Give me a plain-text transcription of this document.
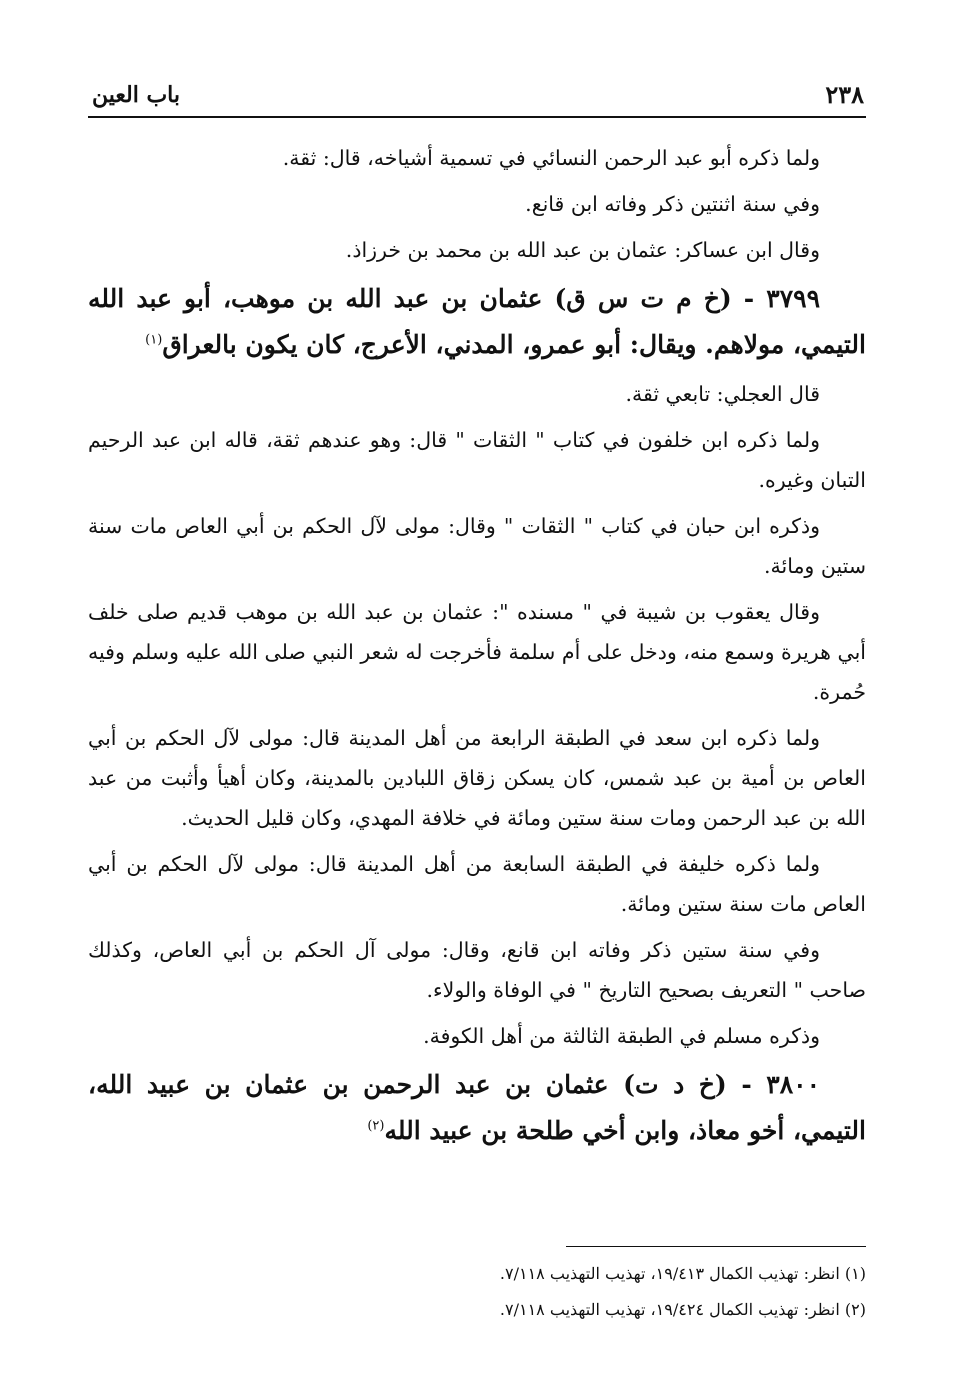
٢٣٨
باب العين

ولما ذكره أبو عبد الرحمن النسائي في تسمية أشياخه، قال: ثقة.

وفي سنة اثنتين ذكر وفاته ابن قانع.

وقال ابن عساكر: عثمان بن عبد الله بن محمد بن خرزاذ.

٣٧٩٩ - (خ م ت س ق) عثمان بن عبد الله بن موهب، أبو عبد الله التيمي، مولاهم. ويقال: أبو عمرو، المدني، الأعرج، كان يكون بالعراق$^{(١)}$

قال العجلي: تابعي ثقة.

ولما ذكره ابن خلفون في كتاب " الثقات " قال: وهو عندهم ثقة، قاله ابن عبد الرحيم التبان وغيره.

وذكره ابن حبان في كتاب " الثقات " وقال: مولى لآل الحكم بن أبي العاص مات سنة ستين ومائة.

وقال يعقوب بن شيبة في " مسنده ": عثمان بن عبد الله بن موهب قديم صلى خلف أبي هريرة وسمع منه، ودخل على أم سلمة فأخرجت له شعر النبي صلى الله عليه وسلم وفيه حُمرة.

ولما ذكره ابن سعد في الطبقة الرابعة من أهل المدينة قال: مولى لآل الحكم بن أبي العاص بن أمية بن عبد شمس، كان يسكن زقاق اللبادين بالمدينة، وكان أهيأ وأثبت من عبد الله بن عبد الرحمن ومات سنة ستين ومائة في خلافة المهدي، وكان قليل الحديث.

ولما ذكره خليفة في الطبقة السابعة من أهل المدينة قال: مولى لآل الحكم بن أبي العاص مات سنة ستين ومائة.

وفي سنة ستين ذكر وفاته ابن قانع، وقال: مولى آل الحكم بن أبي العاص، وكذلك صاحب " التعريف بصحيح التاريخ " في الوفاة والولاء.

وذكره مسلم في الطبقة الثالثة من أهل الكوفة.

٣٨٠٠ - (خ د ت) عثمان بن عبد الرحمن بن عثمان بن عبيد الله، التيمي، أخو معاذ، وابن أخي طلحة بن عبيد الله$^{(٢)}$

(١) انظر: تهذيب الكمال ١٩/٤١٣، تهذيب التهذيب ٧/١١٨.

(٢) انظر: تهذيب الكمال ١٩/٤٢٤، تهذيب التهذيب ٧/١١٨.
